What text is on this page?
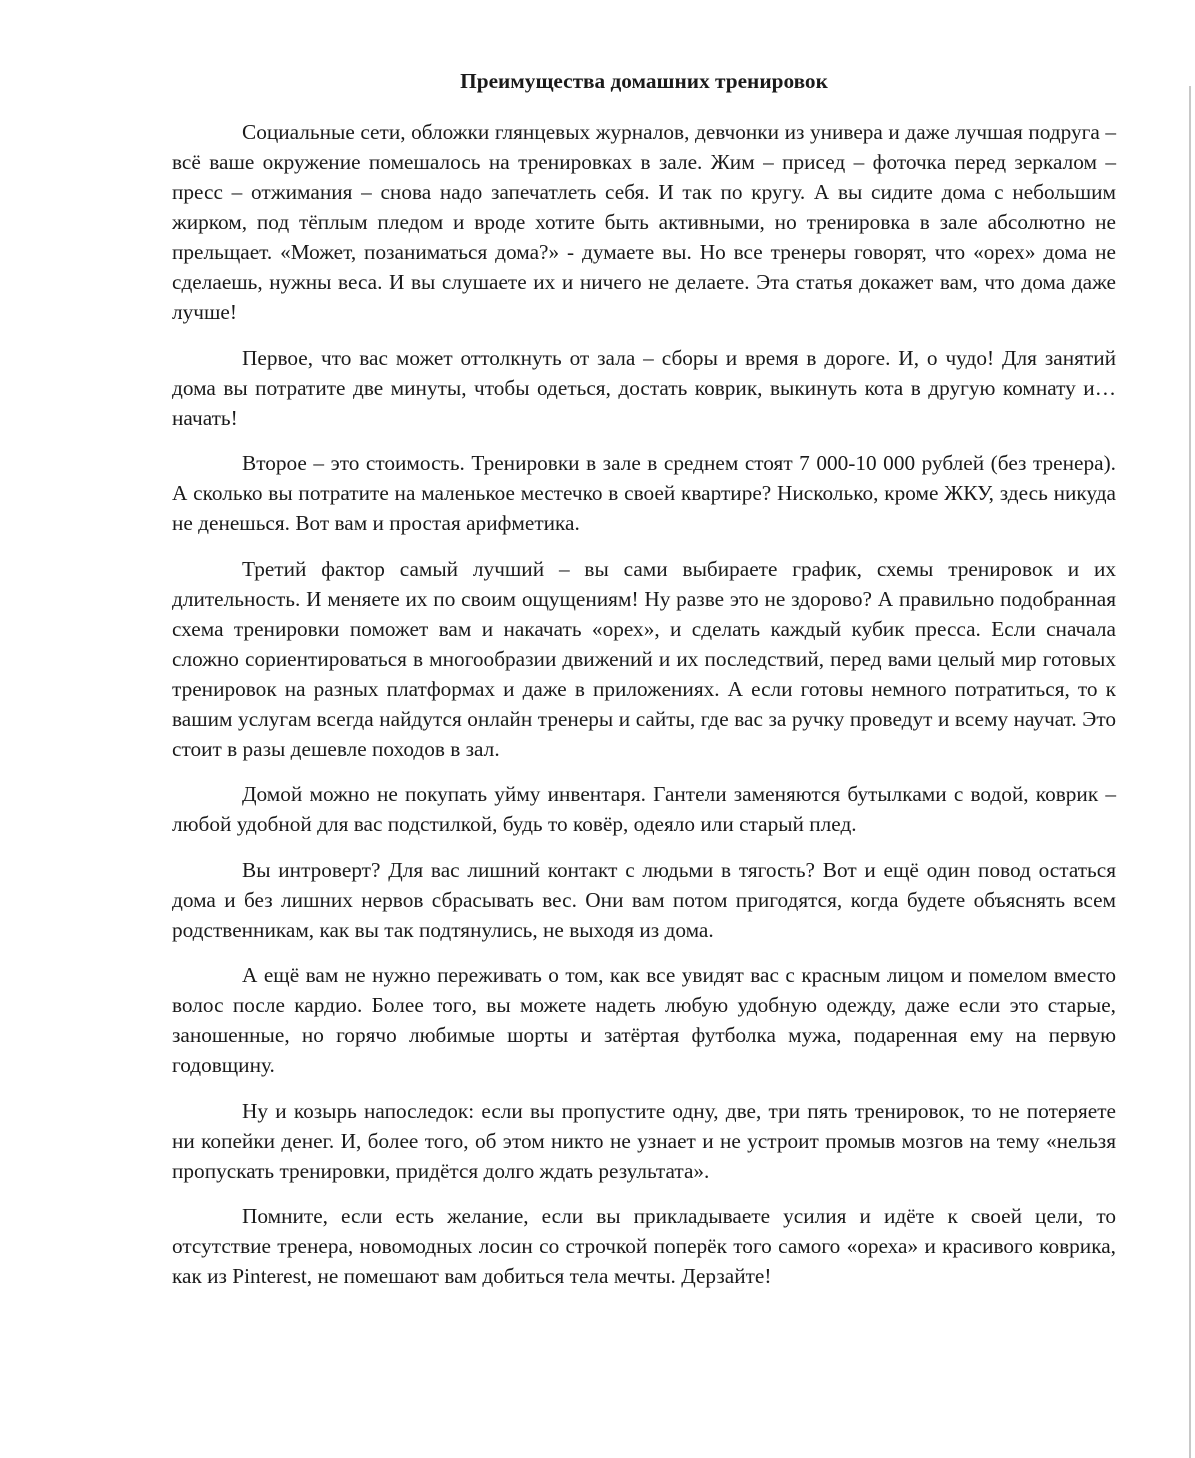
Преимущества домашних тренировок

Социальные сети, обложки глянцевых журналов, девчонки из универа и даже лучшая подруга – всё ваше окружение помешалось на тренировках в зале. Жим – присед – фоточка перед зеркалом – пресс – отжимания – снова надо запечатлеть себя. И так по кругу. А вы сидите дома с небольшим жирком, под тёплым пледом и вроде хотите быть активными, но тренировка в зале абсолютно не прельщает. «Может, позаниматься дома?» - думаете вы. Но все тренеры говорят, что «орех» дома не сделаешь, нужны веса. И вы слушаете их и ничего не делаете. Эта статья докажет вам, что дома даже лучше!

Первое, что вас может оттолкнуть от зала – сборы и время в дороге. И, о чудо! Для занятий дома вы потратите две минуты, чтобы одеться, достать коврик, выкинуть кота в другую комнату и…начать!

Второе – это стоимость. Тренировки в зале в среднем стоят 7 000-10 000 рублей (без тренера). А сколько вы потратите на маленькое местечко в своей квартире? Нисколько, кроме ЖКУ, здесь никуда не денешься. Вот вам и простая арифметика.

Третий фактор самый лучший – вы сами выбираете график, схемы тренировок и их длительность. И меняете их по своим ощущениям! Ну разве это не здорово? А правильно подобранная схема тренировки поможет вам и накачать «орех», и сделать каждый кубик пресса. Если сначала сложно сориентироваться в многообразии движений и их последствий, перед вами целый мир готовых тренировок на разных платформах и даже в приложениях. А если готовы немного потратиться, то к вашим услугам всегда найдутся онлайн тренеры и сайты, где вас за ручку проведут и всему научат. Это стоит в разы дешевле походов в зал.

Домой можно не покупать уйму инвентаря. Гантели заменяются бутылками с водой, коврик – любой удобной для вас подстилкой, будь то ковёр, одеяло или старый плед.

Вы интроверт? Для вас лишний контакт с людьми в тягость? Вот и ещё один повод остаться дома и без лишних нервов сбрасывать вес. Они вам потом пригодятся, когда будете объяснять всем родственникам, как вы так подтянулись, не выходя из дома.

А ещё вам не нужно переживать о том, как все увидят вас с красным лицом и помелом вместо волос после кардио. Более того, вы можете надеть любую удобную одежду, даже если это старые, заношенные, но горячо любимые шорты и затёртая футболка мужа, подаренная ему на первую годовщину.

Ну и козырь напоследок: если вы пропустите одну, две, три пять тренировок, то не потеряете ни копейки денег. И, более того, об этом никто не узнает и не устроит промыв мозгов на тему «нельзя пропускать тренировки, придётся долго ждать результата».

Помните, если есть желание, если вы прикладываете усилия и идёте к своей цели, то отсутствие тренера, новомодных лосин со строчкой поперёк того самого «ореха» и красивого коврика, как из Pinterest, не помешают вам добиться тела мечты. Дерзайте!
